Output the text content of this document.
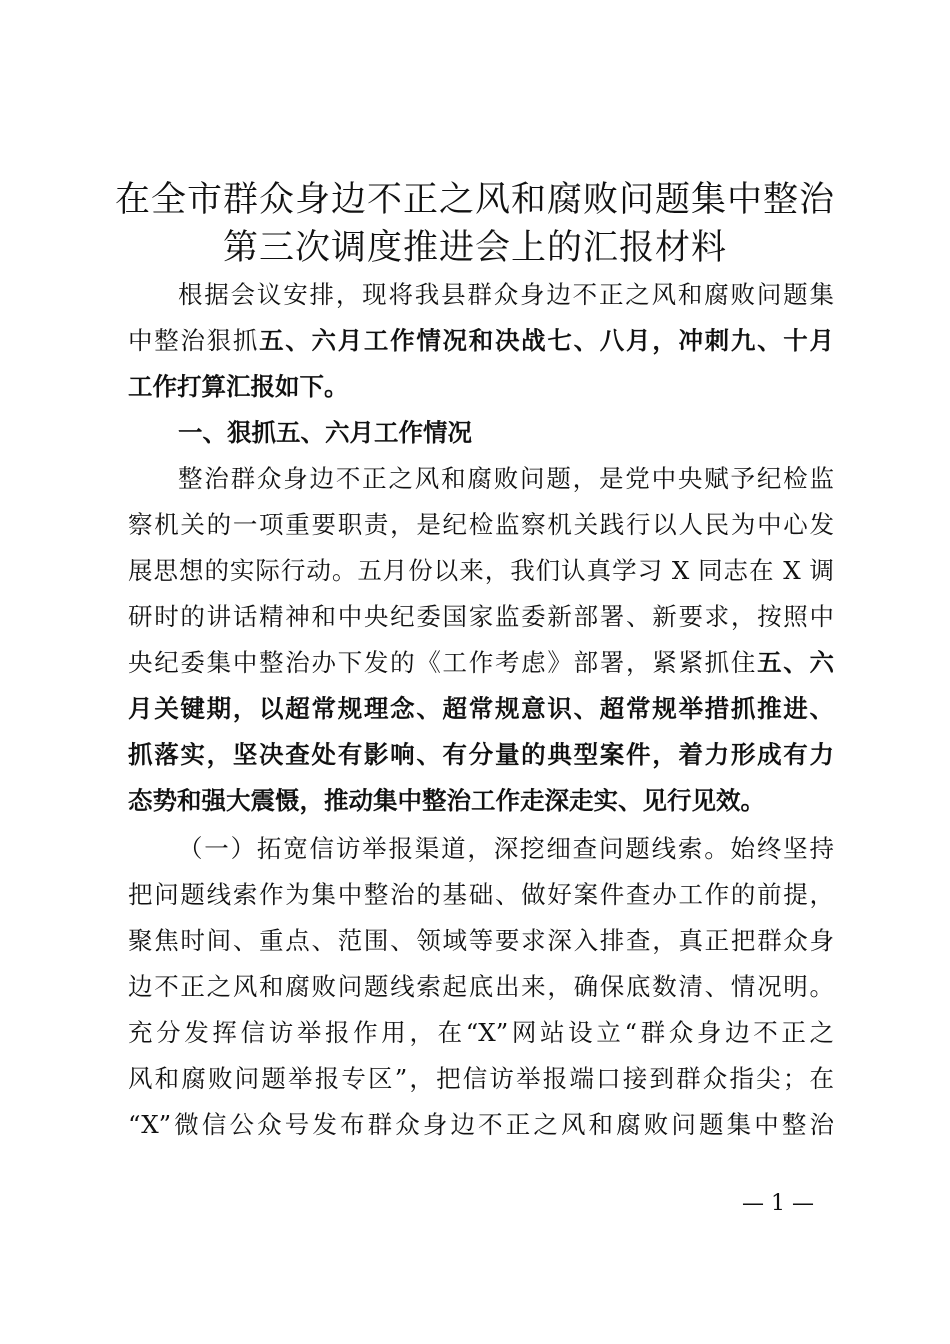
在全市群众身边不正之风和腐败问题集中整治
第三次调度推进会上的汇报材料
根据会议安排，现将我县群众身边不正之风和腐败问题集
中整治狠抓五、六月工作情况和决战七、八月，冲刺九、十月
工作打算汇报如下。
一、狠抓五、六月工作情况
整治群众身边不正之风和腐败问题，是党中央赋予纪检监
察机关的一项重要职责，是纪检监察机关践行以人民为中心发
展思想的实际行动。五月份以来，我们认真学习 X 同志在 X 调
研时的讲话精神和中央纪委国家监委新部署、新要求，按照中
央纪委集中整治办下发的《工作考虑》部署，紧紧抓住五、六
月关键期，以超常规理念、超常规意识、超常规举措抓推进、
抓落实，坚决查处有影响、有分量的典型案件，着力形成有力
态势和强大震慑，推动集中整治工作走深走实、见行见效。
（一）拓宽信访举报渠道，深挖细查问题线索。始终坚持
把问题线索作为集中整治的基础、做好案件查办工作的前提，
聚焦时间、重点、范围、领域等要求深入排查，真正把群众身
边不正之风和腐败问题线索起底出来，确保底数清、情况明。
充分发挥信访举报作用，在“X”网站设立“群众身边不正之
风和腐败问题举报专区”，把信访举报端口接到群众指尖；在
“X”微信公众号发布群众身边不正之风和腐败问题集中整治
— 1 —
